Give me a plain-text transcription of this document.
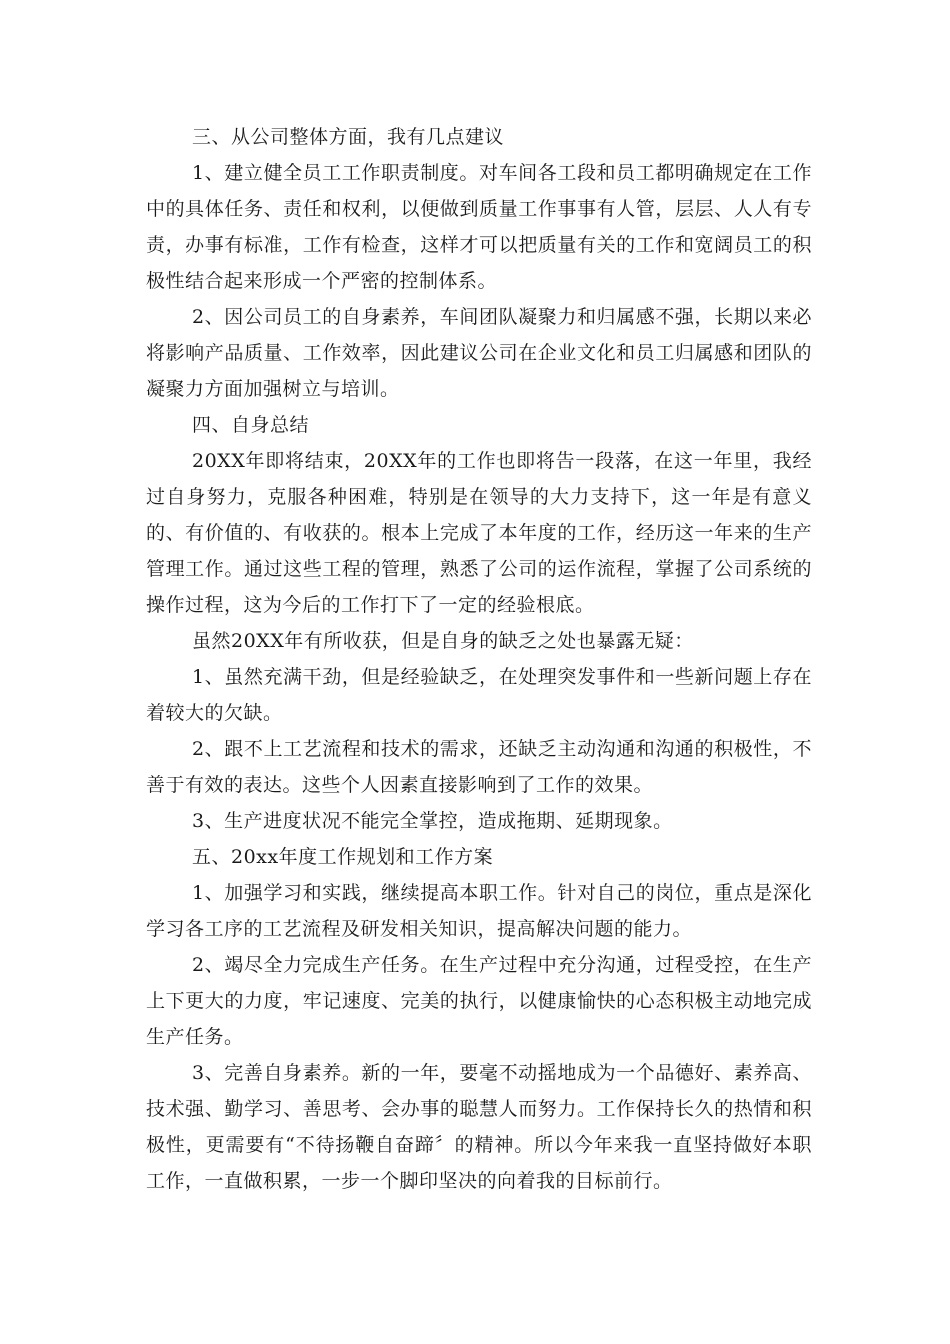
三、从公司整体方面，我有几点建议

1、建立健全员工工作职责制度。对车间各工段和员工都明确规定在工作中的具体任务、责任和权利，以便做到质量工作事事有人管，层层、人人有专责，办事有标准，工作有检查，这样才可以把质量有关的工作和宽阔员工的积极性结合起来形成一个严密的控制体系。

2、因公司员工的自身素养，车间团队凝聚力和归属感不强，长期以来必将影响产品质量、工作效率，因此建议公司在企业文化和员工归属感和团队的凝聚力方面加强树立与培训。

四、自身总结

20XX年即将结束，20XX年的工作也即将告一段落，在这一年里，我经过自身努力，克服各种困难，特别是在领导的大力支持下，这一年是有意义的、有价值的、有收获的。根本上完成了本年度的工作，经历这一年来的生产管理工作。通过这些工程的管理，熟悉了公司的运作流程，掌握了公司系统的操作过程，这为今后的工作打下了一定的经验根底。

虽然20XX年有所收获，但是自身的缺乏之处也暴露无疑：

1、虽然充满干劲，但是经验缺乏，在处理突发事件和一些新问题上存在着较大的欠缺。

2、跟不上工艺流程和技术的需求，还缺乏主动沟通和沟通的积极性，不善于有效的表达。这些个人因素直接影响到了工作的效果。

3、生产进度状况不能完全掌控，造成拖期、延期现象。

五、20xx年度工作规划和工作方案

1、加强学习和实践，继续提高本职工作。针对自己的岗位，重点是深化学习各工序的工艺流程及研发相关知识，提高解决问题的能力。

2、竭尽全力完成生产任务。在生产过程中充分沟通，过程受控，在生产上下更大的力度，牢记速度、完美的执行，以健康愉快的心态积极主动地完成生产任务。

3、完善自身素养。新的一年，要毫不动摇地成为一个品德好、素养高、技术强、勤学习、善思考、会办事的聪慧人而努力。工作保持长久的热情和积极性，更需要有“不待扬鞭自奋蹄〞的精神。所以今年来我一直坚持做好本职工作，一直做积累，一步一个脚印坚决的向着我的目标前行。
